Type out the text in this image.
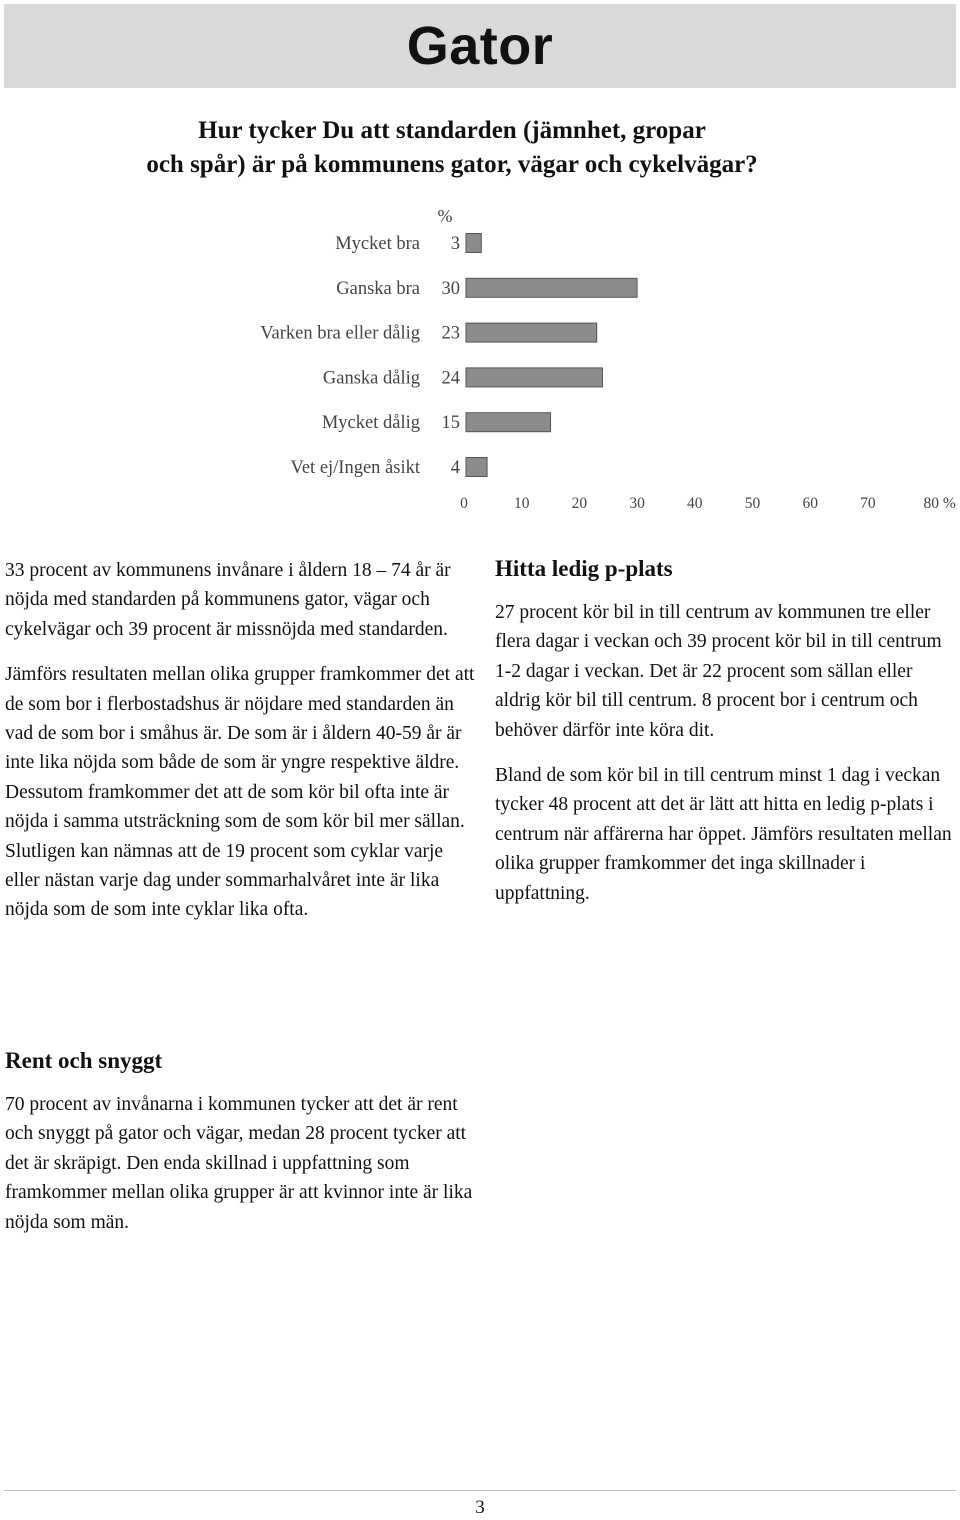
Gator
Hur tycker Du att standarden (jämnhet, gropar
och spår) är på kommunens gator, vägar och cykelvägar?
%
Mycket bra 3
Ganska bra 30
Varken bra eller dålig 23
Ganska dålig 24
Mycket dålig 15
Vet ej/Ingen åsikt 4
0	10	20	30	40	50	60	70	80 %

33 procent av kommunens invånare i åldern 18 – 74 år är nöjda med standarden på kommunens gator, vägar och cykelvägar och 39 procent är missnöjda med standarden.

Jämförs resultaten mellan olika grupper framkommer det att de som bor i flerbostadshus är nöjdare med standarden än vad de som bor i småhus är. De som är i åldern 40-59 år är inte lika nöjda som både de som är yngre respektive äldre. Dessutom framkommer det att de som kör bil ofta inte är nöjda i samma utsträckning som de som kör bil mer sällan. Slutligen kan nämnas att de 19 procent som cyklar varje eller nästan varje dag under sommarhalvåret inte är lika nöjda som de som inte cyklar lika ofta.

Hitta ledig p-plats

27 procent kör bil in till centrum av kommunen tre eller flera dagar i veckan och 39 procent kör bil in till centrum 1-2 dagar i veckan. Det är 22 procent som sällan eller aldrig kör bil till centrum. 8 procent bor i centrum och behöver därför inte köra dit.

Bland de som kör bil in till centrum minst 1 dag i veckan tycker 48 procent att det är lätt att hitta en ledig p-plats i centrum när affärerna har öppet. Jämförs resultaten mellan olika grupper framkommer det inga skillnader i uppfattning.

Rent och snyggt

70 procent av invånarna i kommunen tycker att det är rent och snyggt på gator och vägar, medan 28 procent tycker att det är skräpigt. Den enda skillnad i uppfattning som framkommer mellan olika grupper är att kvinnor inte är lika nöjda som män.

3
